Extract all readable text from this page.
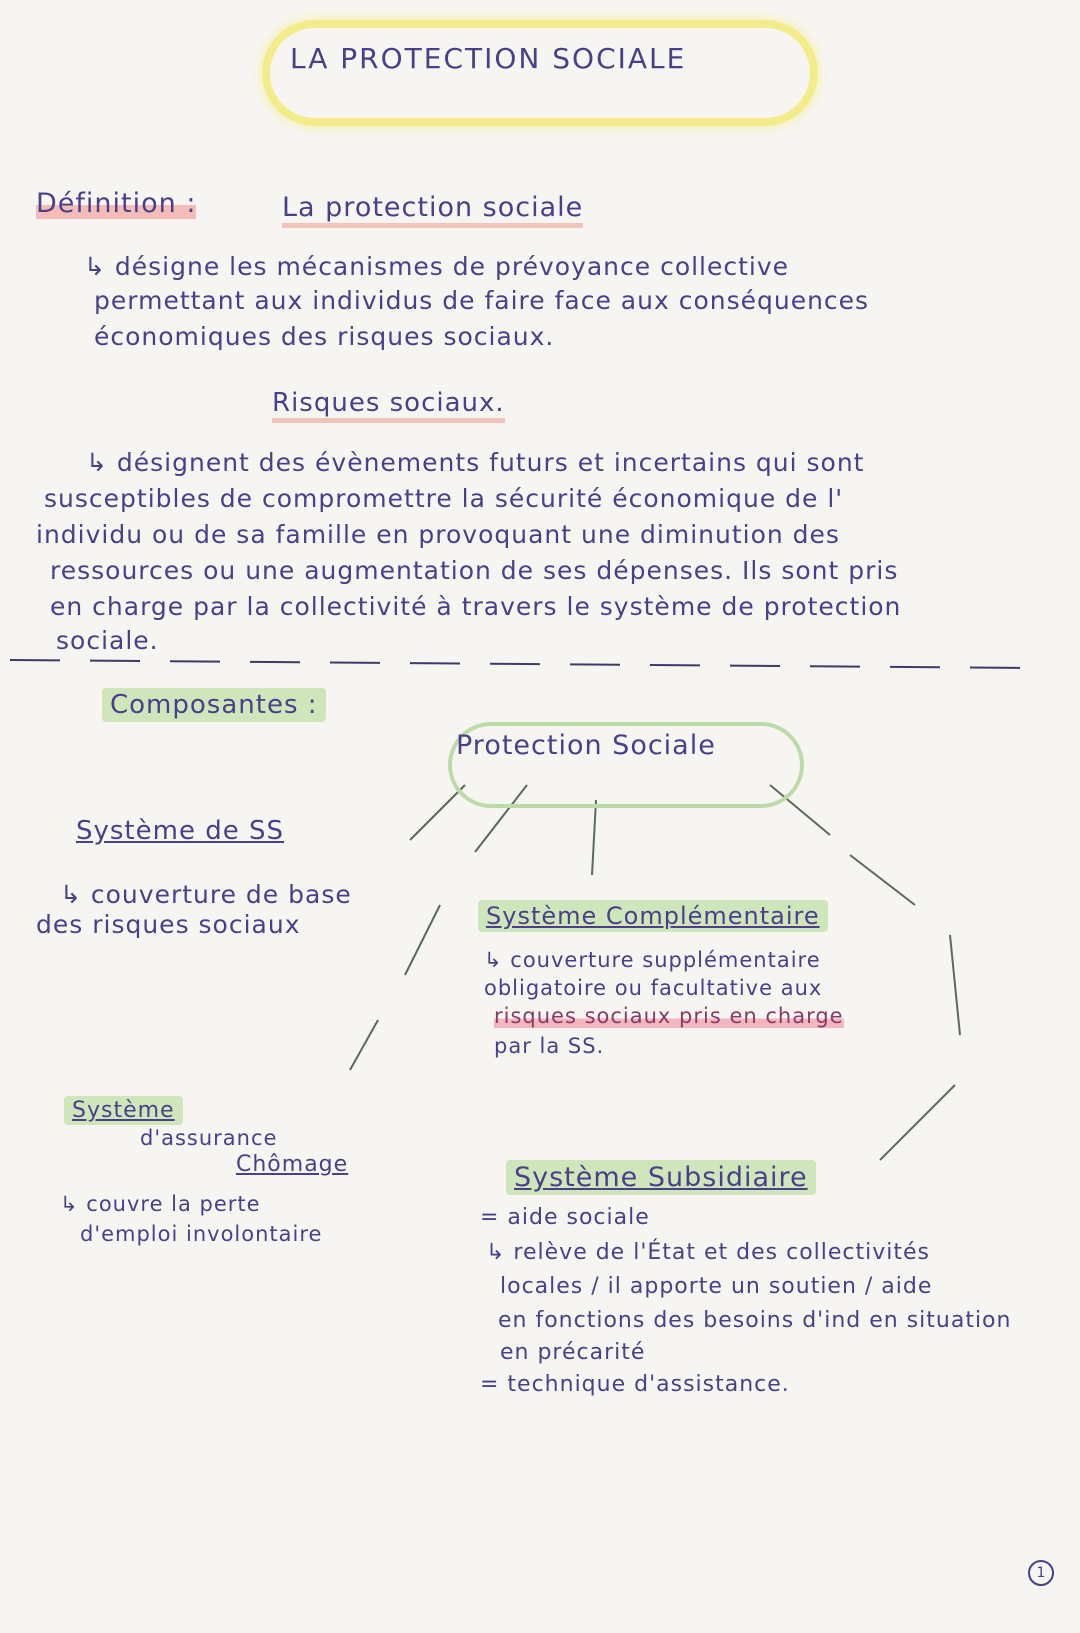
LA PROTECTION SOCIALE
Définition :	La protection sociale
↳ désigne les mécanismes de prévoyance collective
permettant aux individus de faire face aux conséquences
économiques des risques sociaux.
Risques sociaux.
↳ désignent des évènements futurs et incertains qui sont
susceptibles de compromettre la sécurité économique de l'
individu ou de sa famille en provoquant une diminution des
ressources ou une augmentation de ses dépenses. Ils sont pris
en charge par la collectivité à travers le système de protection
sociale.
Composantes :
Protection Sociale
Système de SS
↳ couverture de base
des risques sociaux	Système Complémentaire
↳ couverture supplémentaire
obligatoire ou facultative aux
risques sociaux pris en charge
par la SS.
Système
d'assurance
Chômage
↳ couvre la perte
d'emploi involontaire
Système Subsidiaire
= aide sociale
↳ relève de l'État et des collectivités
locales / il apporte un soutien / aide
en fonctions des besoins d'ind en situation
en précarité
= technique d'assistance.
1
